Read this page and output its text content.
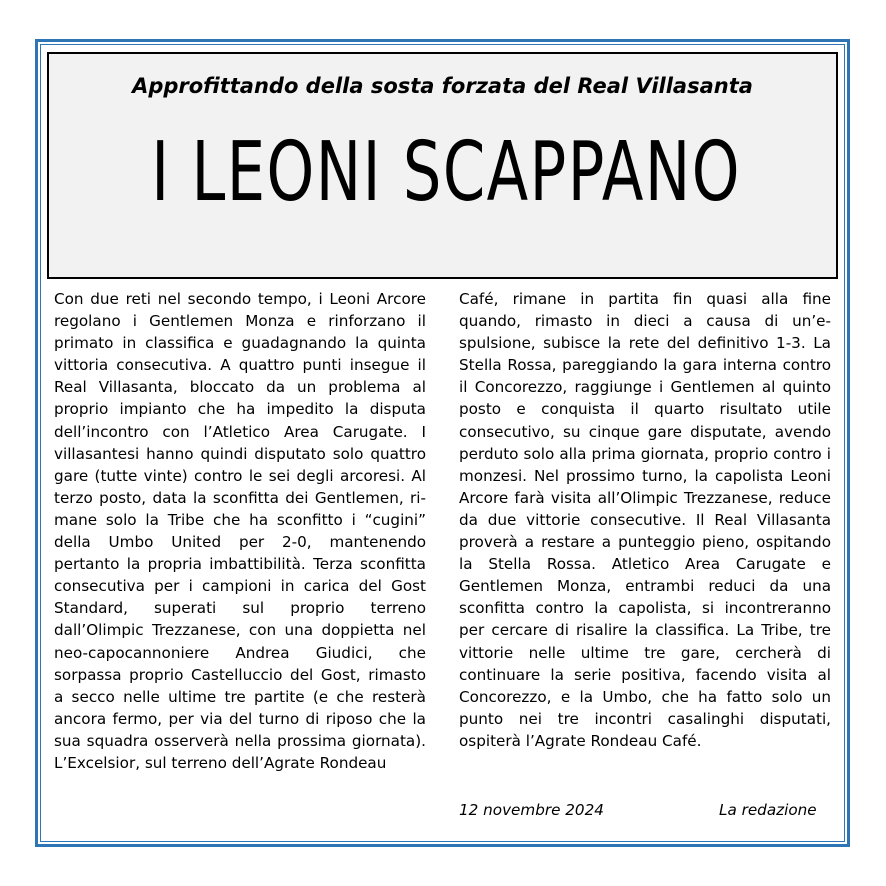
Approfittando della sosta forzata del Real Villasanta
I LEONI SCAPPANO
Con due reti nel secondo tempo, i Leoni Arcore regolano i Gentlemen Monza e rinforzano il primato in classifica e guadagnando la quinta vittoria consecutiva. A quattro punti insegue il Real Villasanta, bloccato da un problema al proprio impianto che ha impedito la disputa dell’incontro con l’Atletico Area Carugate. I villasantesi hanno quindi disputato solo quattro gare (tutte vinte) contro le sei degli arcoresi. Al terzo posto, data la sconfitta dei Gentlemen, rimane solo la Tribe che ha sconfitto i “cugini” della Umbo United per 2-0, mantenendo pertanto la propria imbattibilità. Terza sconfitta consecutiva per i campioni in carica del Gost Standard, superati sul proprio terreno dall’Olimpic Trezzanese, con una doppietta nel neo-capocannoniere Andrea Giudici, che sorpassa proprio Castelluccio del Gost, rimasto a secco nelle ultime tre partite (e che resterà ancora fermo, per via del turno di riposo che la sua squadra osserverà nella prossima giornata). L’Excelsior, sul terreno dell’Agrate Rondeau
Café, rimane in partita fin quasi alla fine quando, rimasto in dieci a causa di un’espulsione, subisce la rete del definitivo 1-3. La Stella Rossa, pareggiando la gara interna contro il Concorezzo, raggiunge i Gentlemen al quinto posto e conquista il quarto risultato utile consecutivo, su cinque gare disputate, avendo perduto solo alla prima giornata, proprio contro i monzesi. Nel prossimo turno, la capolista Leoni Arcore farà visita all’Olimpic Trezzanese, reduce da due vittorie consecutive. Il Real Villasanta proverà a restare a punteggio pieno, ospitando la Stella Rossa. Atletico Area Carugate e Gentlemen Monza, entrambi reduci da una sconfitta contro la capolista, si incontreranno per cercare di risalire la classifica. La Tribe, tre vittorie nelle ultime tre gare, cercherà di continuare la serie positiva, facendo visita al Concorezzo, e la Umbo, che ha fatto solo un punto nei tre incontri casalinghi disputati, ospiterà l’Agrate Rondeau Café.
12 novembre 2024	La redazione
